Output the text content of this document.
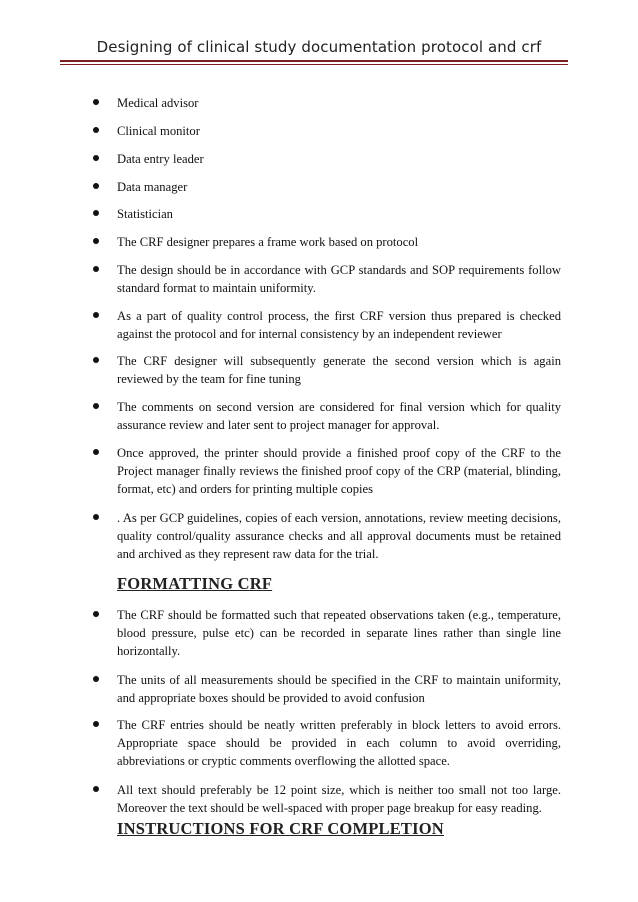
Designing of clinical study documentation protocol and crf
Medical advisor
Clinical monitor
Data entry leader
Data manager
Statistician
The CRF designer prepares a frame work based on protocol
The design should be in accordance with GCP standards and SOP requirements follow standard format to maintain uniformity.
As a part of quality control process, the first CRF version thus prepared is checked against the protocol and for internal consistency by an independent reviewer
The CRF designer will subsequently generate the second version which is again reviewed by the team for fine tuning
The comments on second version are considered for final version which for quality assurance review and later sent to project manager for approval.
Once approved, the printer should provide a finished proof copy of the CRF to the Project manager finally reviews the finished proof copy of the CRP (material, blinding, format, etc) and orders for printing multiple copies
. As per GCP guidelines, copies of each version, annotations, review meeting decisions, quality control/quality assurance checks and all approval documents must be retained and archived as they represent raw data for the trial.
FORMATTING CRF
The CRF should be formatted such that repeated observations taken (e.g., temperature, blood pressure, pulse etc) can be recorded in separate lines rather than single line horizontally.
The units of all measurements should be specified in the CRF to maintain uniformity, and appropriate boxes should be provided to avoid confusion
The CRF entries should be neatly written preferably in block letters to avoid errors. Appropriate space should be provided in each column to avoid overriding, abbreviations or cryptic comments overflowing the allotted space.
All text should preferably be 12 point size, which is neither too small not too large. Moreover the text should be well-spaced with proper page breakup for easy reading.
INSTRUCTIONS FOR CRF COMPLETION
